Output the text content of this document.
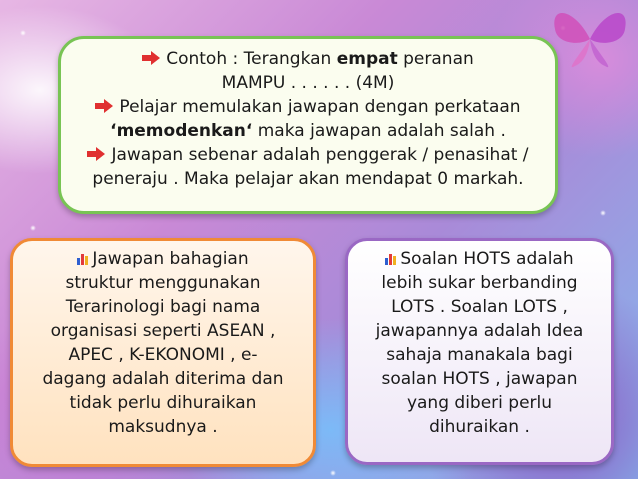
Contoh : Terangkan empat peranan
MAMPU . . . . . . (4M)
Pelajar memulakan jawapan dengan perkataan
‘memodenkan‘ maka jawapan adalah salah .
Jawapan sebenar adalah penggerak / penasihat /
peneraju . Maka pelajar akan mendapat 0 markah.
Jawapan bahagian
struktur menggunakan
Terarinologi bagi nama
organisasi seperti ASEAN ,
APEC , K-EKONOMI , e-
dagang adalah diterima dan
tidak perlu dihuraikan
maksudnya .
Soalan HOTS adalah
lebih sukar berbanding
LOTS . Soalan LOTS ,
jawapannya adalah Idea
sahaja manakala bagi
soalan HOTS , jawapan
yang diberi perlu
dihuraikan .
